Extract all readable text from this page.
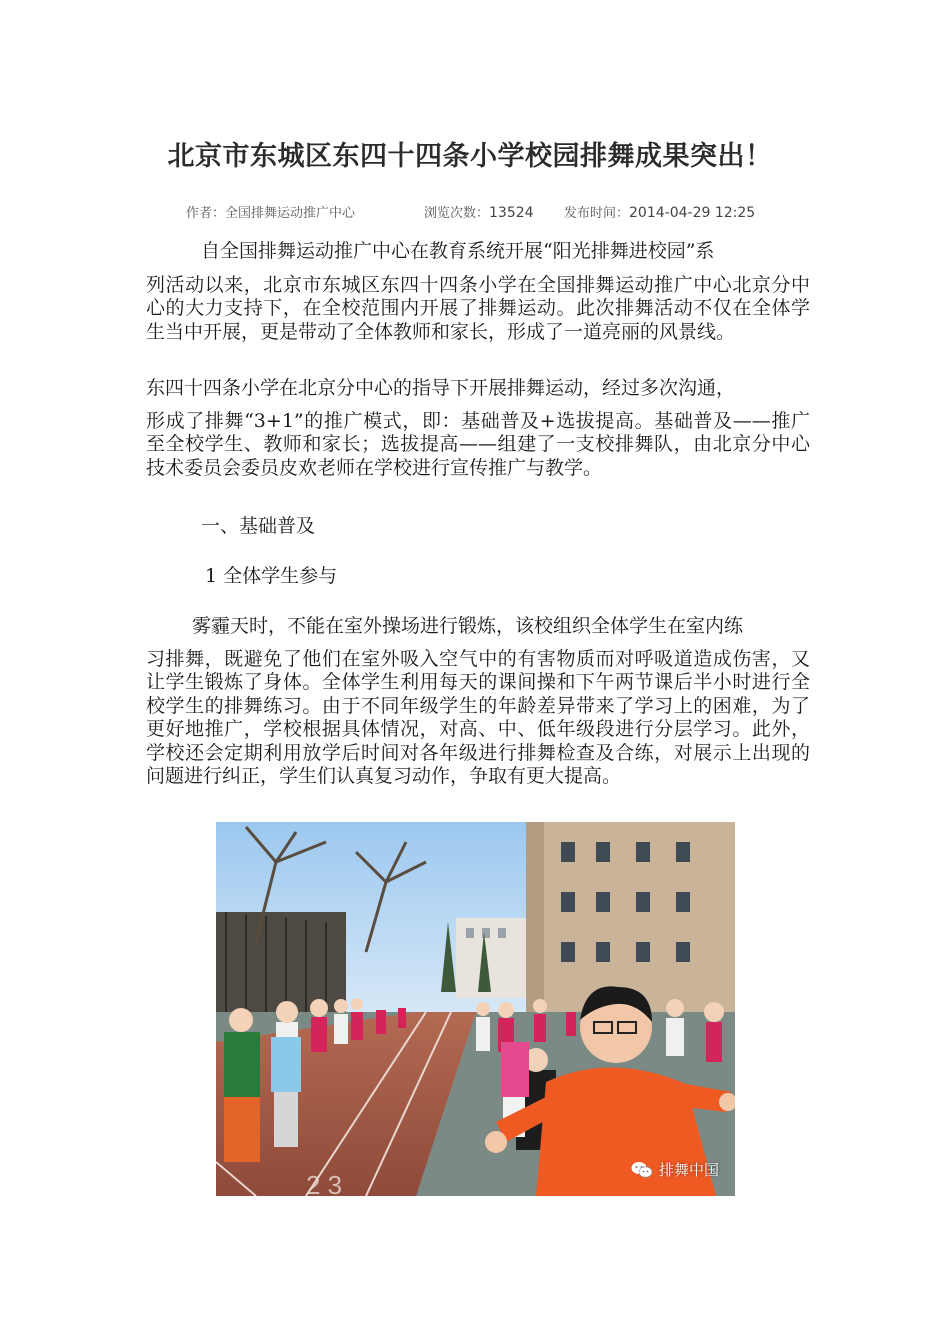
北京市东城区东四十四条小学校园排舞成果突出！
作者：全国排舞运动推广中心	浏览次数：13524 发布时间：2014-04-29 12:25
自全国排舞运动推广中心在教育系统开展“阳光排舞进校园”系
列活动以来，北京市东城区东四十四条小学在全国排舞运动推广中心北京分中心的大力支持下，在全校范围内开展了排舞运动。此次排舞活动不仅在全体学生当中开展，更是带动了全体教师和家长，形成了一道亮丽的风景线。
东四十四条小学在北京分中心的指导下开展排舞运动，经过多次沟通，
形成了排舞“3+1”的推广模式，即：基础普及+选拔提高。基础普及——推广至全校学生、教师和家长；选拔提高——组建了一支校排舞队，由北京分中心技术委员会委员皮欢老师在学校进行宣传推广与教学。
一、基础普及
1 全体学生参与
雾霾天时，不能在室外操场进行锻炼，该校组织全体学生在室内练
习排舞，既避免了他们在室外吸入空气中的有害物质而对呼吸道造成伤害，又让学生锻炼了身体。全体学生利用每天的课间操和下午两节课后半小时进行全校学生的排舞练习。由于不同年级学生的年龄差异带来了学习上的困难，为了更好地推广，学校根据具体情况，对高、中、低年级段进行分层学习。此外，学校还会定期利用放学后时间对各年级进行排舞检查及合练，对展示上出现的问题进行纠正，学生们认真复习动作，争取有更大提高。
2 3	排舞中国
